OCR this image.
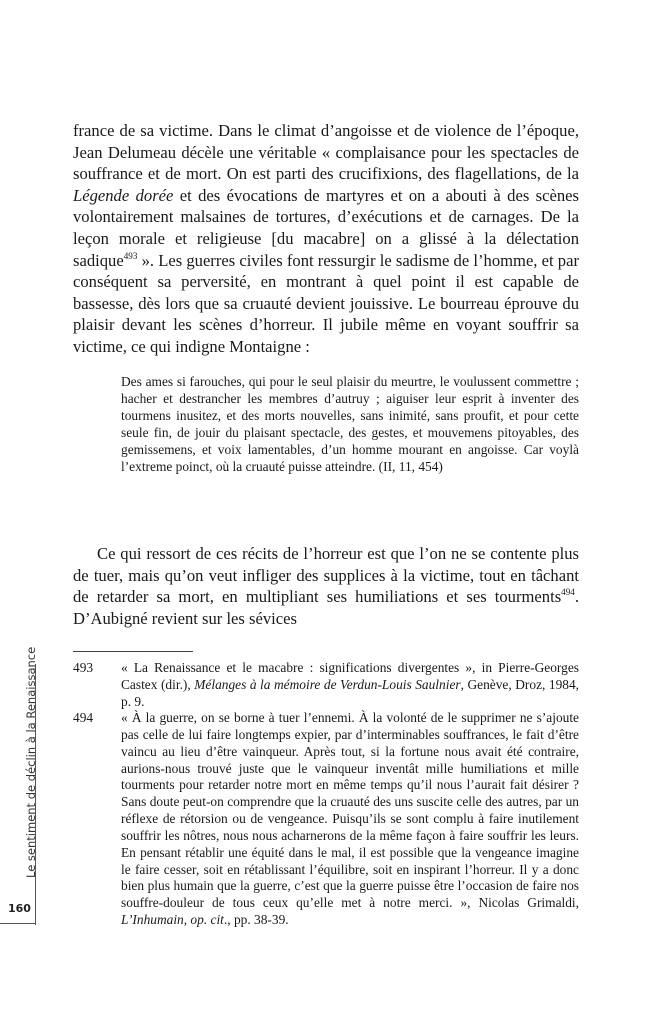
france de sa victime. Dans le climat d’angoisse et de violence de l’époque, Jean Delumeau décèle une véritable « complaisance pour les spectacles de souffrance et de mort. On est parti des crucifixions, des flagellations, de la Légende dorée et des évocations de martyres et on a abouti à des scènes volontairement malsaines de tortures, d’exécutions et de carnages. De la leçon morale et religieuse [du macabre] on a glissé à la délectation sadique$^{493}$ ». Les guerres civiles font ressurgir le sadisme de l’homme, et par conséquent sa perversité, en montrant à quel point il est capable de bassesse, dès lors que sa cruauté devient jouissive. Le bourreau éprouve du plaisir devant les scènes d’horreur. Il jubile même en voyant souffrir sa victime, ce qui indigne Montaigne :

Des ames si farouches, qui pour le seul plaisir du meurtre, le voulussent commettre ; hacher et destrancher les membres d’autruy ; aiguiser leur esprit à inventer des tourmens inusitez, et des morts nouvelles, sans inimité, sans proufit, et pour cette seule fin, de jouir du plaisant spectacle, des gestes, et mouvemens pitoyables, des gemissemens, et voix lamentables, d’un homme mourant en angoisse. Car voylà l’extreme poinct, où la cruauté puisse atteindre. (II, 11, 454)

Ce qui ressort de ces récits de l’horreur est que l’on ne se contente plus de tuer, mais qu’on veut infliger des supplices à la victime, tout en tâchant de retarder sa mort, en multipliant ses humiliations et ses tourments$^{494}$. D’Aubigné revient sur les sévices

493	« La Renaissance et le macabre : significations divergentes », in Pierre-Georges Castex (dir.), Mélanges à la mémoire de Verdun-Louis Saulnier, Genève, Droz, 1984, p. 9.
494	« À la guerre, on se borne à tuer l’ennemi. À la volonté de le supprimer ne s’ajoute pas celle de lui faire longtemps expier, par d’interminables souffrances, le fait d’être vaincu au lieu d’être vainqueur. Après tout, si la fortune nous avait été contraire, aurions-nous trouvé juste que le vainqueur inventât mille humiliations et mille tourments pour retarder notre mort en même temps qu’il nous l’aurait fait désirer ? Sans doute peut-on comprendre que la cruauté des uns suscite celle des autres, par un réflexe de rétorsion ou de vengeance. Puisqu’ils se sont complu à faire inutilement souffrir les nôtres, nous nous acharnerons de la même façon à faire souffrir les leurs. En pensant rétablir une équité dans le mal, il est possible que la vengeance imagine le faire cesser, soit en rétablissant l’équilibre, soit en inspirant l’horreur. Il y a donc bien plus humain que la guerre, c’est que la guerre puisse être l’occasion de faire nos souffre-douleur de tous ceux qu’elle met à notre merci. », Nicolas Grimaldi, L’Inhumain, op. cit., pp. 38-39.
Le sentiment de déclin à la Renaissance
160
